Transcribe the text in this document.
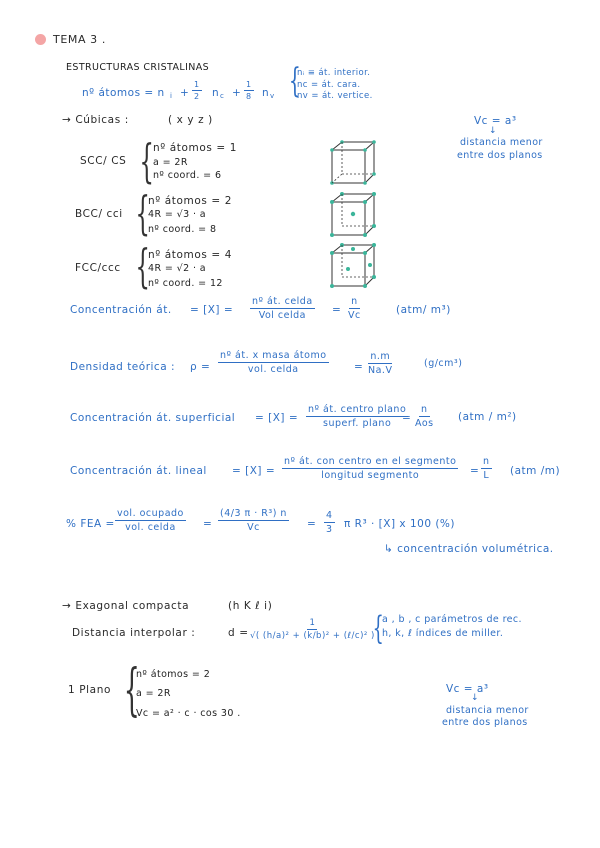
TEMA 3 .
ESTRUCTURAS CRISTALINAS
nº átomos = n $i + \frac{1}{2}$ n $c + \frac{1}{8}$ n v {
nᵢ ≡ át. interior.
nc = át. cara.
nv = át. vertice.
→ Cúbicas :	( x y z )	Vc = a³
↓
distancia menor
entre dos planos
SCC/ CS { nº átomos = 1
a = 2R
nº coord. = 6
BCC/ cci {
nº átomos = 2
4R = √3 · a
nº coord. = 8
FCC/ccc {
nº átomos = 4
4R = √2 · a
nº coord. = 12
Concentración át. = [X] =
nº át. celda
Vol celda = $\frac{n}{Vc}$	(atm/ m³)
Densidad teórica : ρ =
nº át. x masa átomo
vol. celda	= $\frac{n.m}{Na.V}$	(g/cm³)
Concentración át. superficial = [X] =
nº át. centro plano
superf. plano =
n
Aos
(atm / m²)
Concentración át. lineal = [X] =
nº át. con centro en el segmento
longitud segmento	= $\frac{n}{L} (atm$ /m)
% FEA =
vol. ocupado
vol. celda	= $\frac{\text{(4/3 π · R³) n}}{Vc} = \frac{4}{3}$ π R³ · [X] x 100 (%)
↳ concentración volumétrica.
→ Exagonal compacta	(h K ℓ i)
Distancia interpolar :	d =
1
√( (h/a)² + (k/b)² + (ℓ/c)² )
{
a , b , c parámetros de rec.
h, k, ℓ índices de miller.
1 Plano {
nº átomos = 2
a = 2R
Vc = a² · c · cos 30 .
Vc = a³
↓
distancia menor
entre dos planos
